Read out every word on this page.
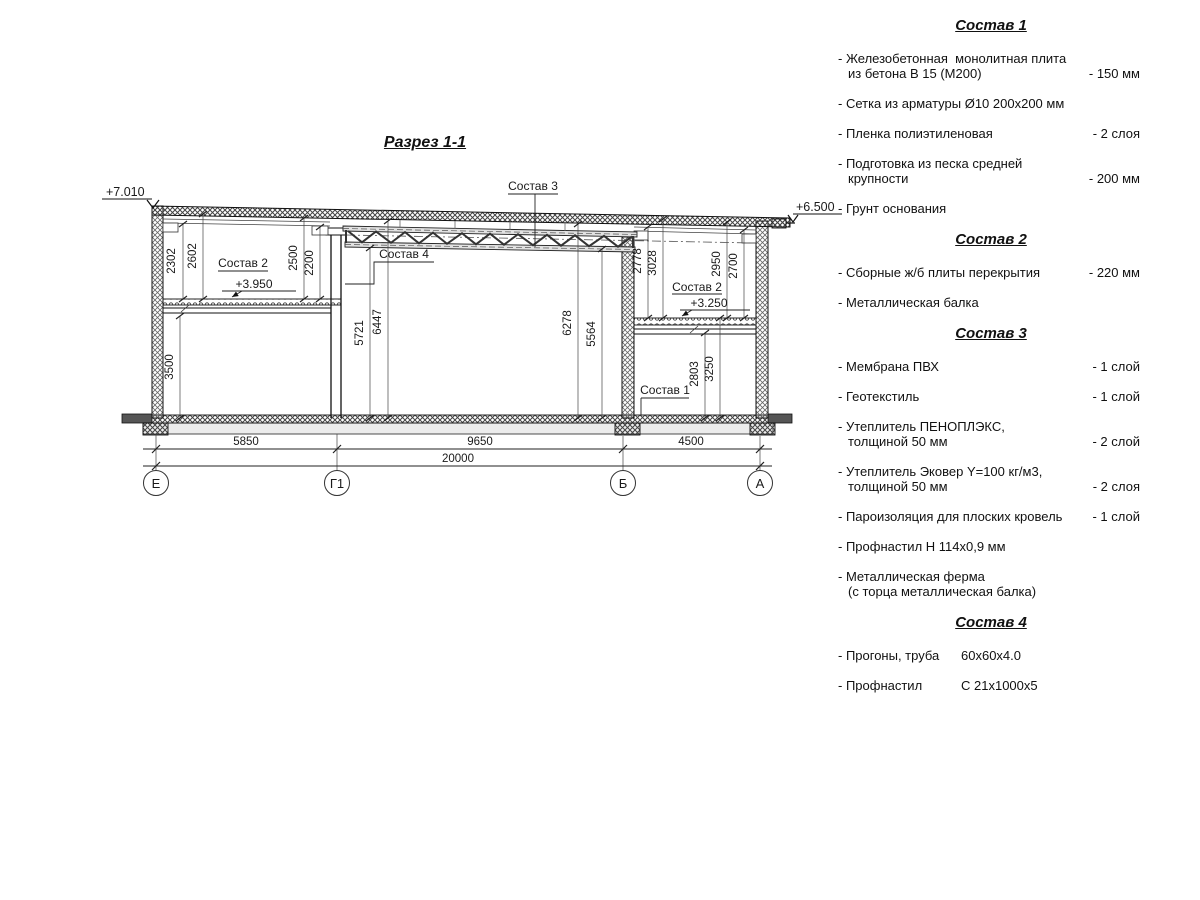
Разрез 1-1
2302 2602	2500 2200
3500
5721 6447	6278 5564
2778 3028	2950 2700
2803 3250
Состав 3
Состав 4
Состав 2
+3.950	Состав 2
+3.250
Состав 1
+7.010
+6.500
5850	9650	4500
20000
Е	Г1	Б	А
Состав 1
- Железобетонная  монолитная плита
из бетона В 15 (М200)	- 150 мм
- Сетка из арматуры Ø10 200х200 мм
- Пленка полиэтиленовая	- 2 слоя
- Подготовка из песка средней
крупности	- 200 мм
- Грунт основания
Состав 2
- Сборные ж/б плиты перекрытия	- 220 мм
- Металлическая балка
Состав 3
- Мембрана ПВХ	- 1 слой
- Геотекстиль	- 1 слой
- Утеплитель ПЕНОПЛЭКС,
толщиной 50 мм	- 2 слой
- Утеплитель Эковер Y=100 кг/м3,
толщиной 50 мм	- 2 слоя
- Пароизоляция для плоских кровель - 1 слой
- Профнастил Н 114х0,9 мм
- Металлическая ферма
(с торца металлическая балка)
Состав 4
- Прогоны, труба	60х60х4.0
- Профнастил	С 21х1000х5
